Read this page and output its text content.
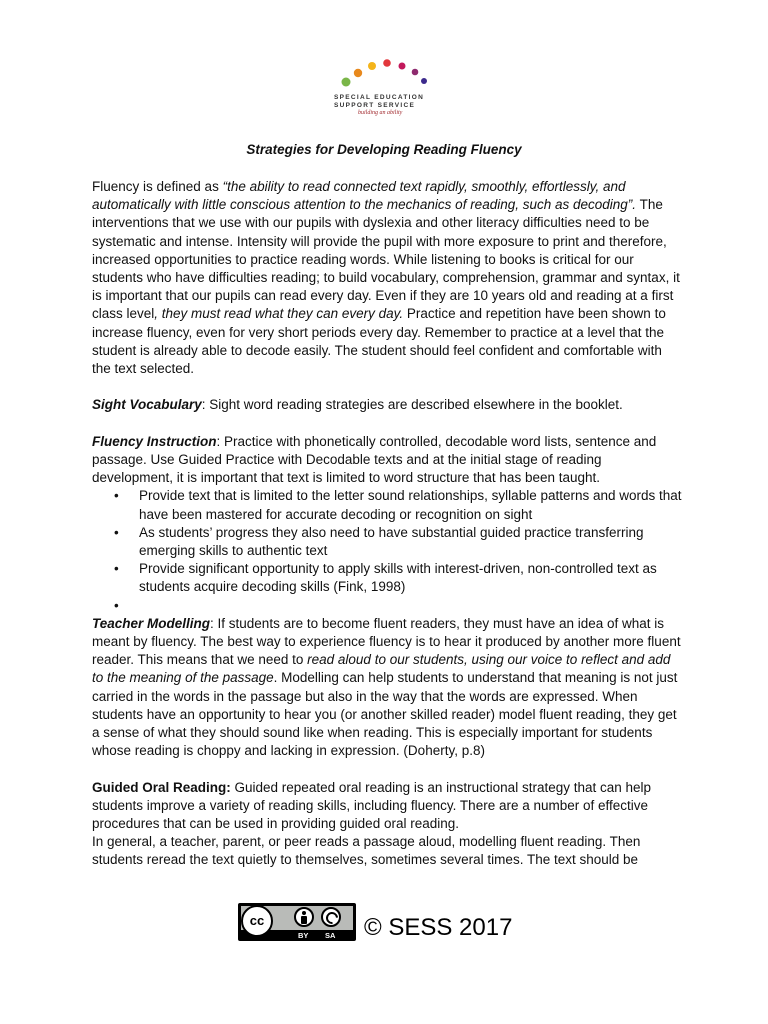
SPECIAL EDUCATION
SUPPORT SERVICE
building an ability
Strategies for Developing Reading Fluency

Fluency is defined as “the ability to read connected text rapidly, smoothly, effortlessly, and automatically with little conscious attention to the mechanics of reading, such as decoding”. The interventions that we use with our pupils with dyslexia and other literacy difficulties need to be systematic and intense. Intensity will provide the pupil with more exposure to print and therefore, increased opportunities to practice reading words. While listening to books is critical for our students who have difficulties reading; to build vocabulary, comprehension, grammar and syntax, it is important that our pupils can read every day. Even if they are 10 years old and reading at a first class level, they must read what they can every day. Practice and repetition have been shown to increase fluency, even for very short periods every day. Remember to practice at a level that the student is already able to decode easily. The student should feel confident and comfortable with the text selected.

Sight Vocabulary: Sight word reading strategies are described elsewhere in the booklet.

Fluency Instruction: Practice with phonetically controlled, decodable word lists, sentence and passage. Use Guided Practice with Decodable texts and at the initial stage of reading development, it is important that text is limited to word structure that has been taught.

• Provide text that is limited to the letter sound relationships, syllable patterns and words that have been mastered for accurate decoding or recognition on sight
• As students’ progress they also need to have substantial guided practice transferring emerging skills to authentic text
• Provide significant opportunity to apply skills with interest-driven, non-controlled text as students acquire decoding skills (Fink, 1998)
•

Teacher Modelling: If students are to become fluent readers, they must have an idea of what is meant by fluency. The best way to experience fluency is to hear it produced by another more fluent reader. This means that we need to read aloud to our students, using our voice to reflect and add to the meaning of the passage. Modelling can help students to understand that meaning is not just carried in the words in the passage but also in the way that the words are expressed. When students have an opportunity to hear you (or another skilled reader) model fluent reading, they get a sense of what they should sound like when reading. This is especially important for students whose reading is choppy and lacking in expression. (Doherty, p.8)

Guided Oral Reading: Guided repeated oral reading is an instructional strategy that can help students improve a variety of reading skills, including fluency. There are a number of effective procedures that can be used in providing guided oral reading.

In general, a teacher, parent, or peer reads a passage aloud, modelling fluent reading. Then students reread the text quietly to themselves, sometimes several times. The text should be

cc
BY SA © SESS 2017
